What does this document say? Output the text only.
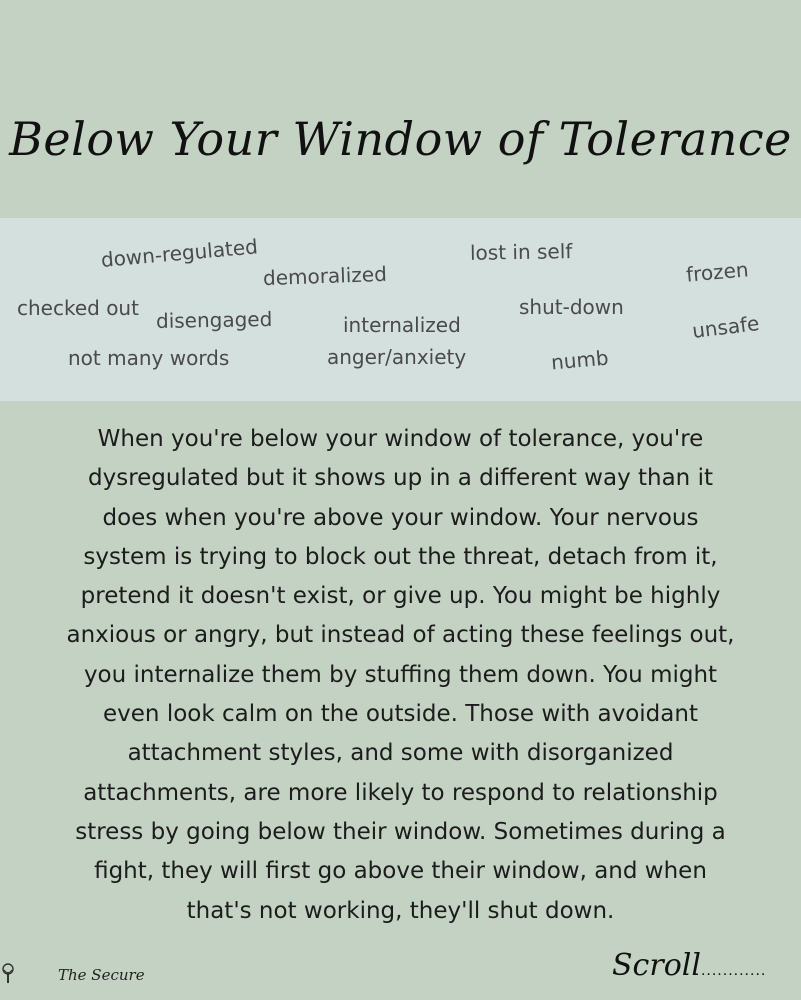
Below Your Window of Tolerance
down-regulated	lost in self
demoralized	frozen
checked out disengaged	shut-down
internalized	unsafe
not many words	anger/anxiety	numb
When you're below your window of tolerance, you're
dysregulated but it shows up in a different way than it
does when you're above your window. Your nervous
system is trying to block out the threat, detach from it,
pretend it doesn't exist, or give up. You might be highly
anxious or angry, but instead of acting these feelings out,
you internalize them by stuffing them down. You might
even look calm on the outside. Those with avoidant
attachment styles, and some with disorganized
attachments, are more likely to respond to relationship
stress by going below their window. Sometimes during a
fight, they will first go above their window, and when
that's not working, they'll shut down.
The Secure	Scroll............
